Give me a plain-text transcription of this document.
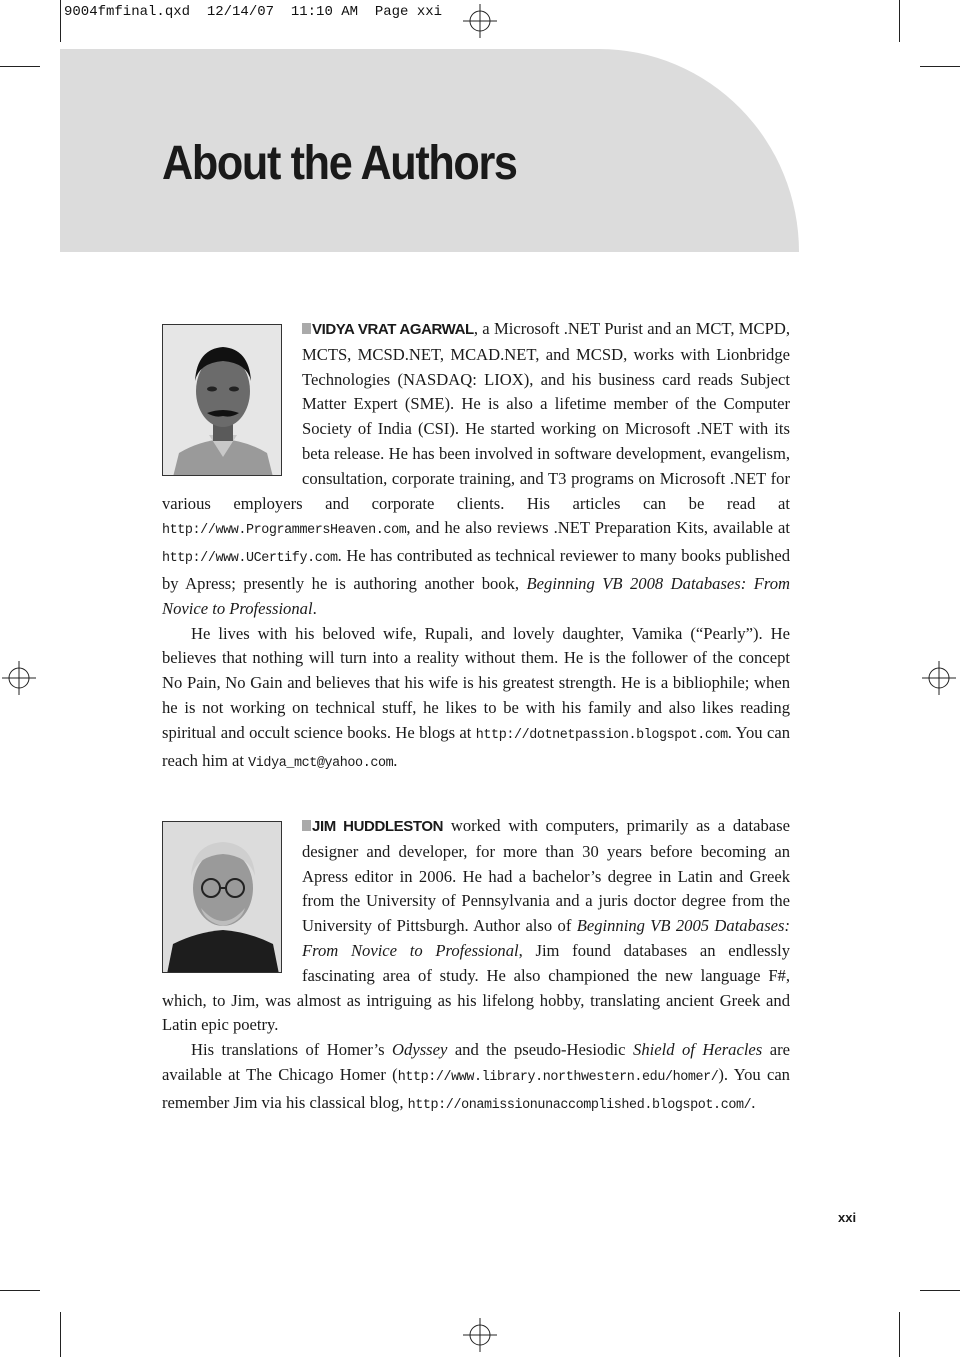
9004fmfinal.qxd  12/14/07  11:10 AM  Page xxi
About the Authors

VIDYA VRAT AGARWAL, a Microsoft .NET Purist and an MCT, MCPD, MCTS, MCSD.NET, MCAD.NET, and MCSD, works with Lionbridge Technologies (NASDAQ: LIOX), and his business card reads Subject Matter Expert (SME). He is also a lifetime member of the Computer Society of India (CSI). He started working on Microsoft .NET with its beta release. He has been involved in software development, evangelism, consultation, corporate training, and T3 programs on Microsoft .NET for various employers and corporate clients. His articles can be read at http://www.ProgrammersHeaven.com, and he also reviews .NET Preparation Kits, available at http://www.UCertify.com. He has contributed as technical reviewer to many books published by Apress; presently he is authoring another book, Beginning VB 2008 Databases: From Novice to Professional.

He lives with his beloved wife, Rupali, and lovely daughter, Vamika (“Pearly”). He believes that nothing will turn into a reality without them. He is the follower of the concept No Pain, No Gain and believes that his wife is his greatest strength. He is a bibliophile; when he is not working on technical stuff, he likes to be with his family and also likes reading spiritual and occult science books. He blogs at http://dotnetpassion.blogspot.com. You can reach him at Vidya_mct@yahoo.com.

JIM HUDDLESTON worked with computers, primarily as a database designer and developer, for more than 30 years before becoming an Apress editor in 2006. He had a bachelor’s degree in Latin and Greek from the University of Pennsylvania and a juris doctor degree from the University of Pittsburgh. Author also of Beginning VB 2005 Databases: From Novice to Professional, Jim found databases an endlessly fascinating area of study. He also championed the new language F#, which, to Jim, was almost as intriguing as his lifelong hobby, translating ancient Greek and Latin epic poetry.

His translations of Homer’s Odyssey and the pseudo-Hesiodic Shield of Heracles are available at The Chicago Homer (http://www.library.northwestern.edu/homer/). You can remember Jim via his classical blog, http://onamissionunaccomplished.blogspot.com/.

xxi
